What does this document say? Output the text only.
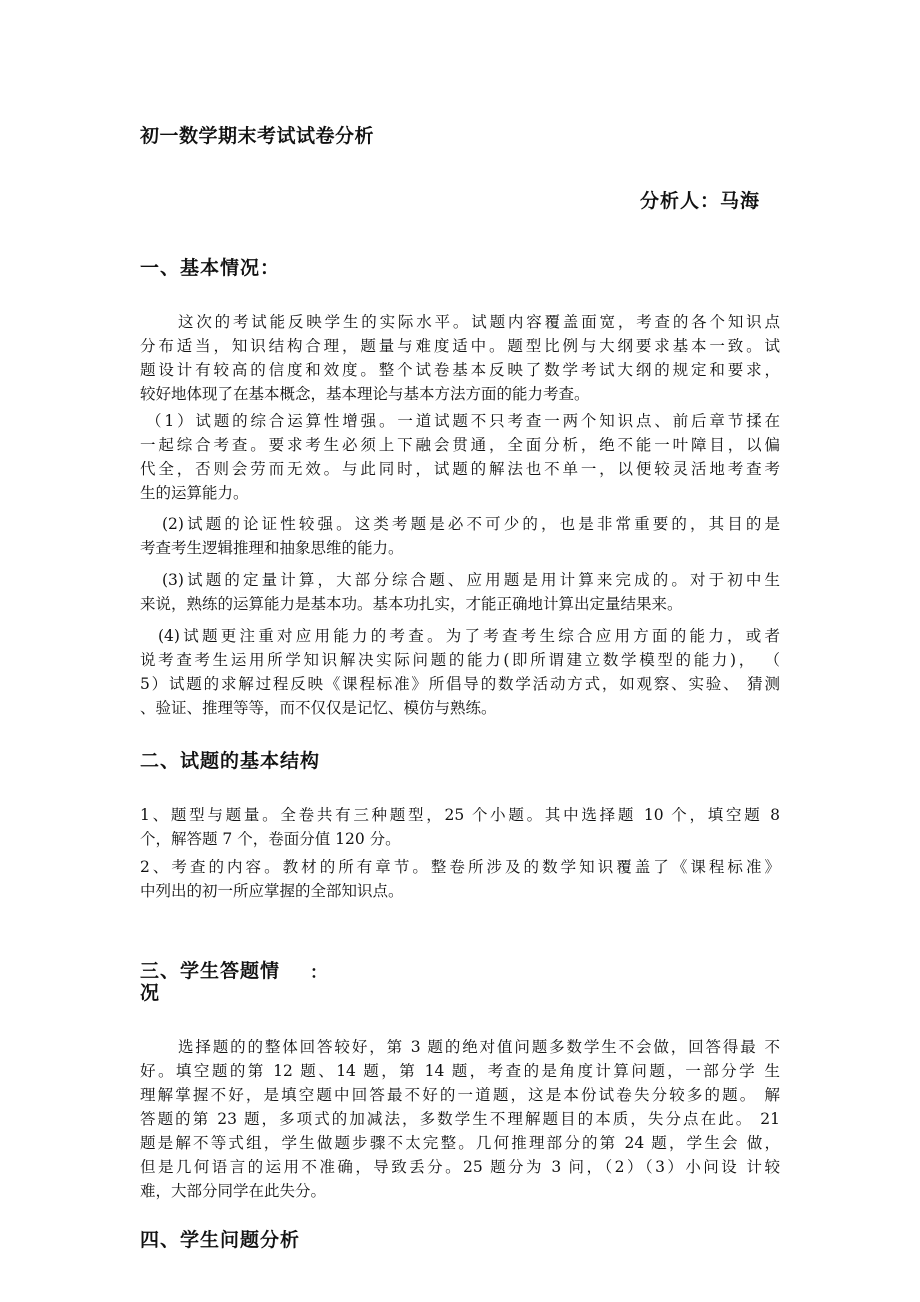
初一数学期末考试试卷分析
分析人：马海
一、基本情况：
这次的考试能反映学生的实际水平。试题内容覆盖面宽，考查的各个知识点
分布适当，知识结构合理，题量与难度适中。题型比例与大纲要求基本一致。试
题设计有较高的信度和效度。整个试卷基本反映了数学考试大纲的规定和要求，
较好地体现了在基本概念，基本理论与基本方法方面的能力考查。
（1）试题的综合运算性增强。一道试题不只考查一两个知识点、前后章节揉在
一起综合考查。要求考生必须上下融会贯通，全面分析，绝不能一叶障目，以偏
代全，否则会劳而无效。与此同时，试题的解法也不单一，以便较灵活地考查考
生的运算能力。
(2)试题的论证性较强。这类考题是必不可少的，也是非常重要的，其目的是
考查考生逻辑推理和抽象思维的能力。
(3)试题的定量计算，大部分综合题、应用题是用计算来完成的。对于初中生
来说，熟练的运算能力是基本功。基本功扎实，才能正确地计算出定量结果来。
(4)试题更注重对应用能力的考查。为了考查考生综合应用方面的能力，或者
说考查考生运用所学知识解决实际问题的能力(即所谓建立数学模型的能力)， （
5）试题的求解过程反映《课程标准》所倡导的数学活动方式，如观察、实验、 猜测
、验证、推理等等，而不仅仅是记忆、模仿与熟练。
二、试题的基本结构
1、题型与题量。全卷共有三种题型，25 个小题。其中选择题 10 个，填空题 8
个，解答题 7 个，卷面分值 120 分。
2、考查的内容。教材的所有章节。整卷所涉及的数学知识覆盖了《课程标准》
中列出的初一所应掌握的全部知识点。
三、学生答题情 ：
况
选择题的的整体回答较好，第 3 题的绝对值问题多数学生不会做，回答得最 不
好。填空题的第 12 题、14 题，第 14 题，考查的是角度计算问题，一部分学 生
理解掌握不好，是填空题中回答最不好的一道题，这是本份试卷失分较多的题。 解
答题的第 23 题，多项式的加减法，多数学生不理解题目的本质，失分点在此。 21
题是解不等式组，学生做题步骤不太完整。几何推理部分的第 24 题，学生会 做，
但是几何语言的运用不准确，导致丢分。25 题分为 3 问，（2）（3）小问设 计较
难，大部分同学在此失分。
四、学生问题分析
